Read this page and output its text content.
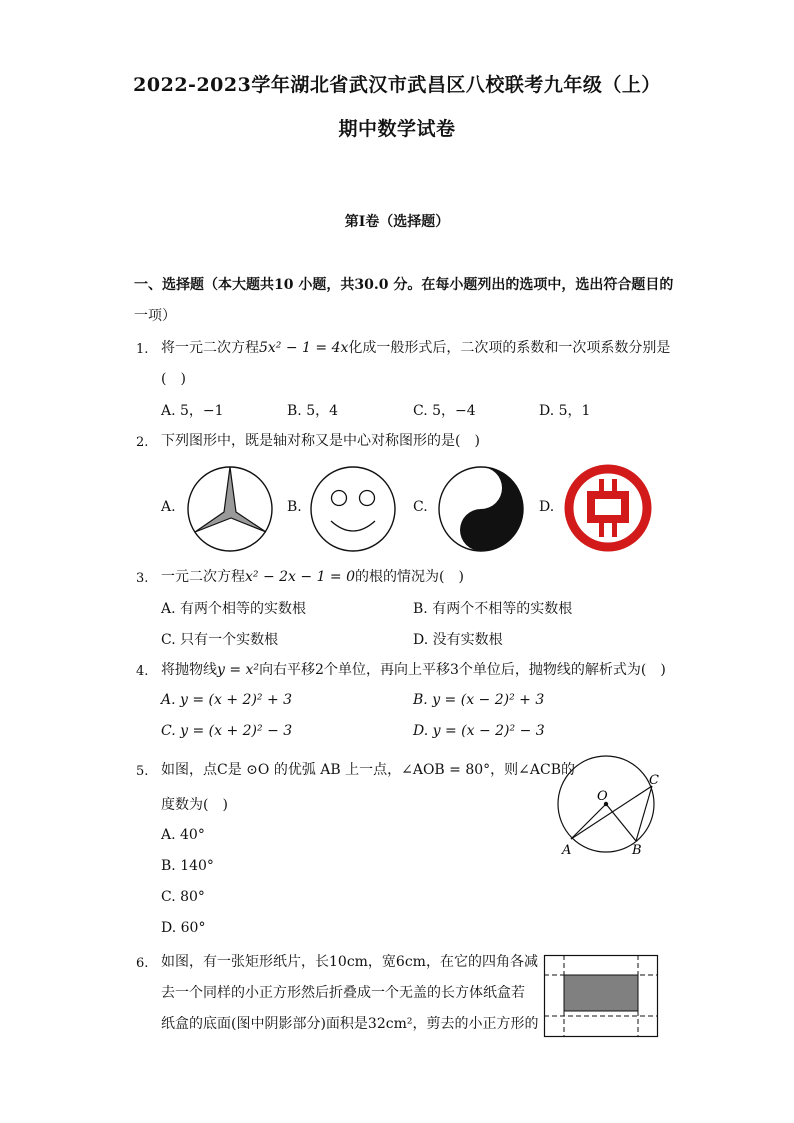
2022-2023学年湖北省武汉市武昌区八校联考九年级（上）
期中数学试卷
第Ⅰ卷（选择题）
一、选择题（本大题共10 小题，共30.0 分。在每小题列出的选项中，选出符合题目的
一项）
1. 将一元二次方程5x² − 1 = 4x化成一般形式后，二次项的系数和一次项系数分别是
(　)
A. 5，−1	B. 5，4	C. 5，−4	D. 5，1
2. 下列图形中，既是轴对称又是中心对称图形的是(　)
A.	B.	C.	D.
3. 一元二次方程x² − 2x − 1 = 0的根的情况为(　)
A. 有两个相等的实数根	B. 有两个不相等的实数根
C. 只有一个实数根	D. 没有实数根
4. 将抛物线y = x²向右平移2个单位，再向上平移3个单位后，抛物线的解析式为(　)
A. y = (x + 2)² + 3	B. y = (x − 2)² + 3
C. y = (x + 2)² − 3	D. y = (x − 2)² − 3
5. 如图，点C是 ⊙O 的优弧 AB 上一点，∠AOB = 80°，则∠ACB的
度数为(　)
A. 40°
B. 140°
C. 80°
D. 60°
O
A	B
C
6. 如图，有一张矩形纸片，长10cm，宽6cm，在它的四角各减
去一个同样的小正方形然后折叠成一个无盖的长方体纸盒若
纸盒的底面(图中阴影部分)面积是32cm²，剪去的小正方形的
